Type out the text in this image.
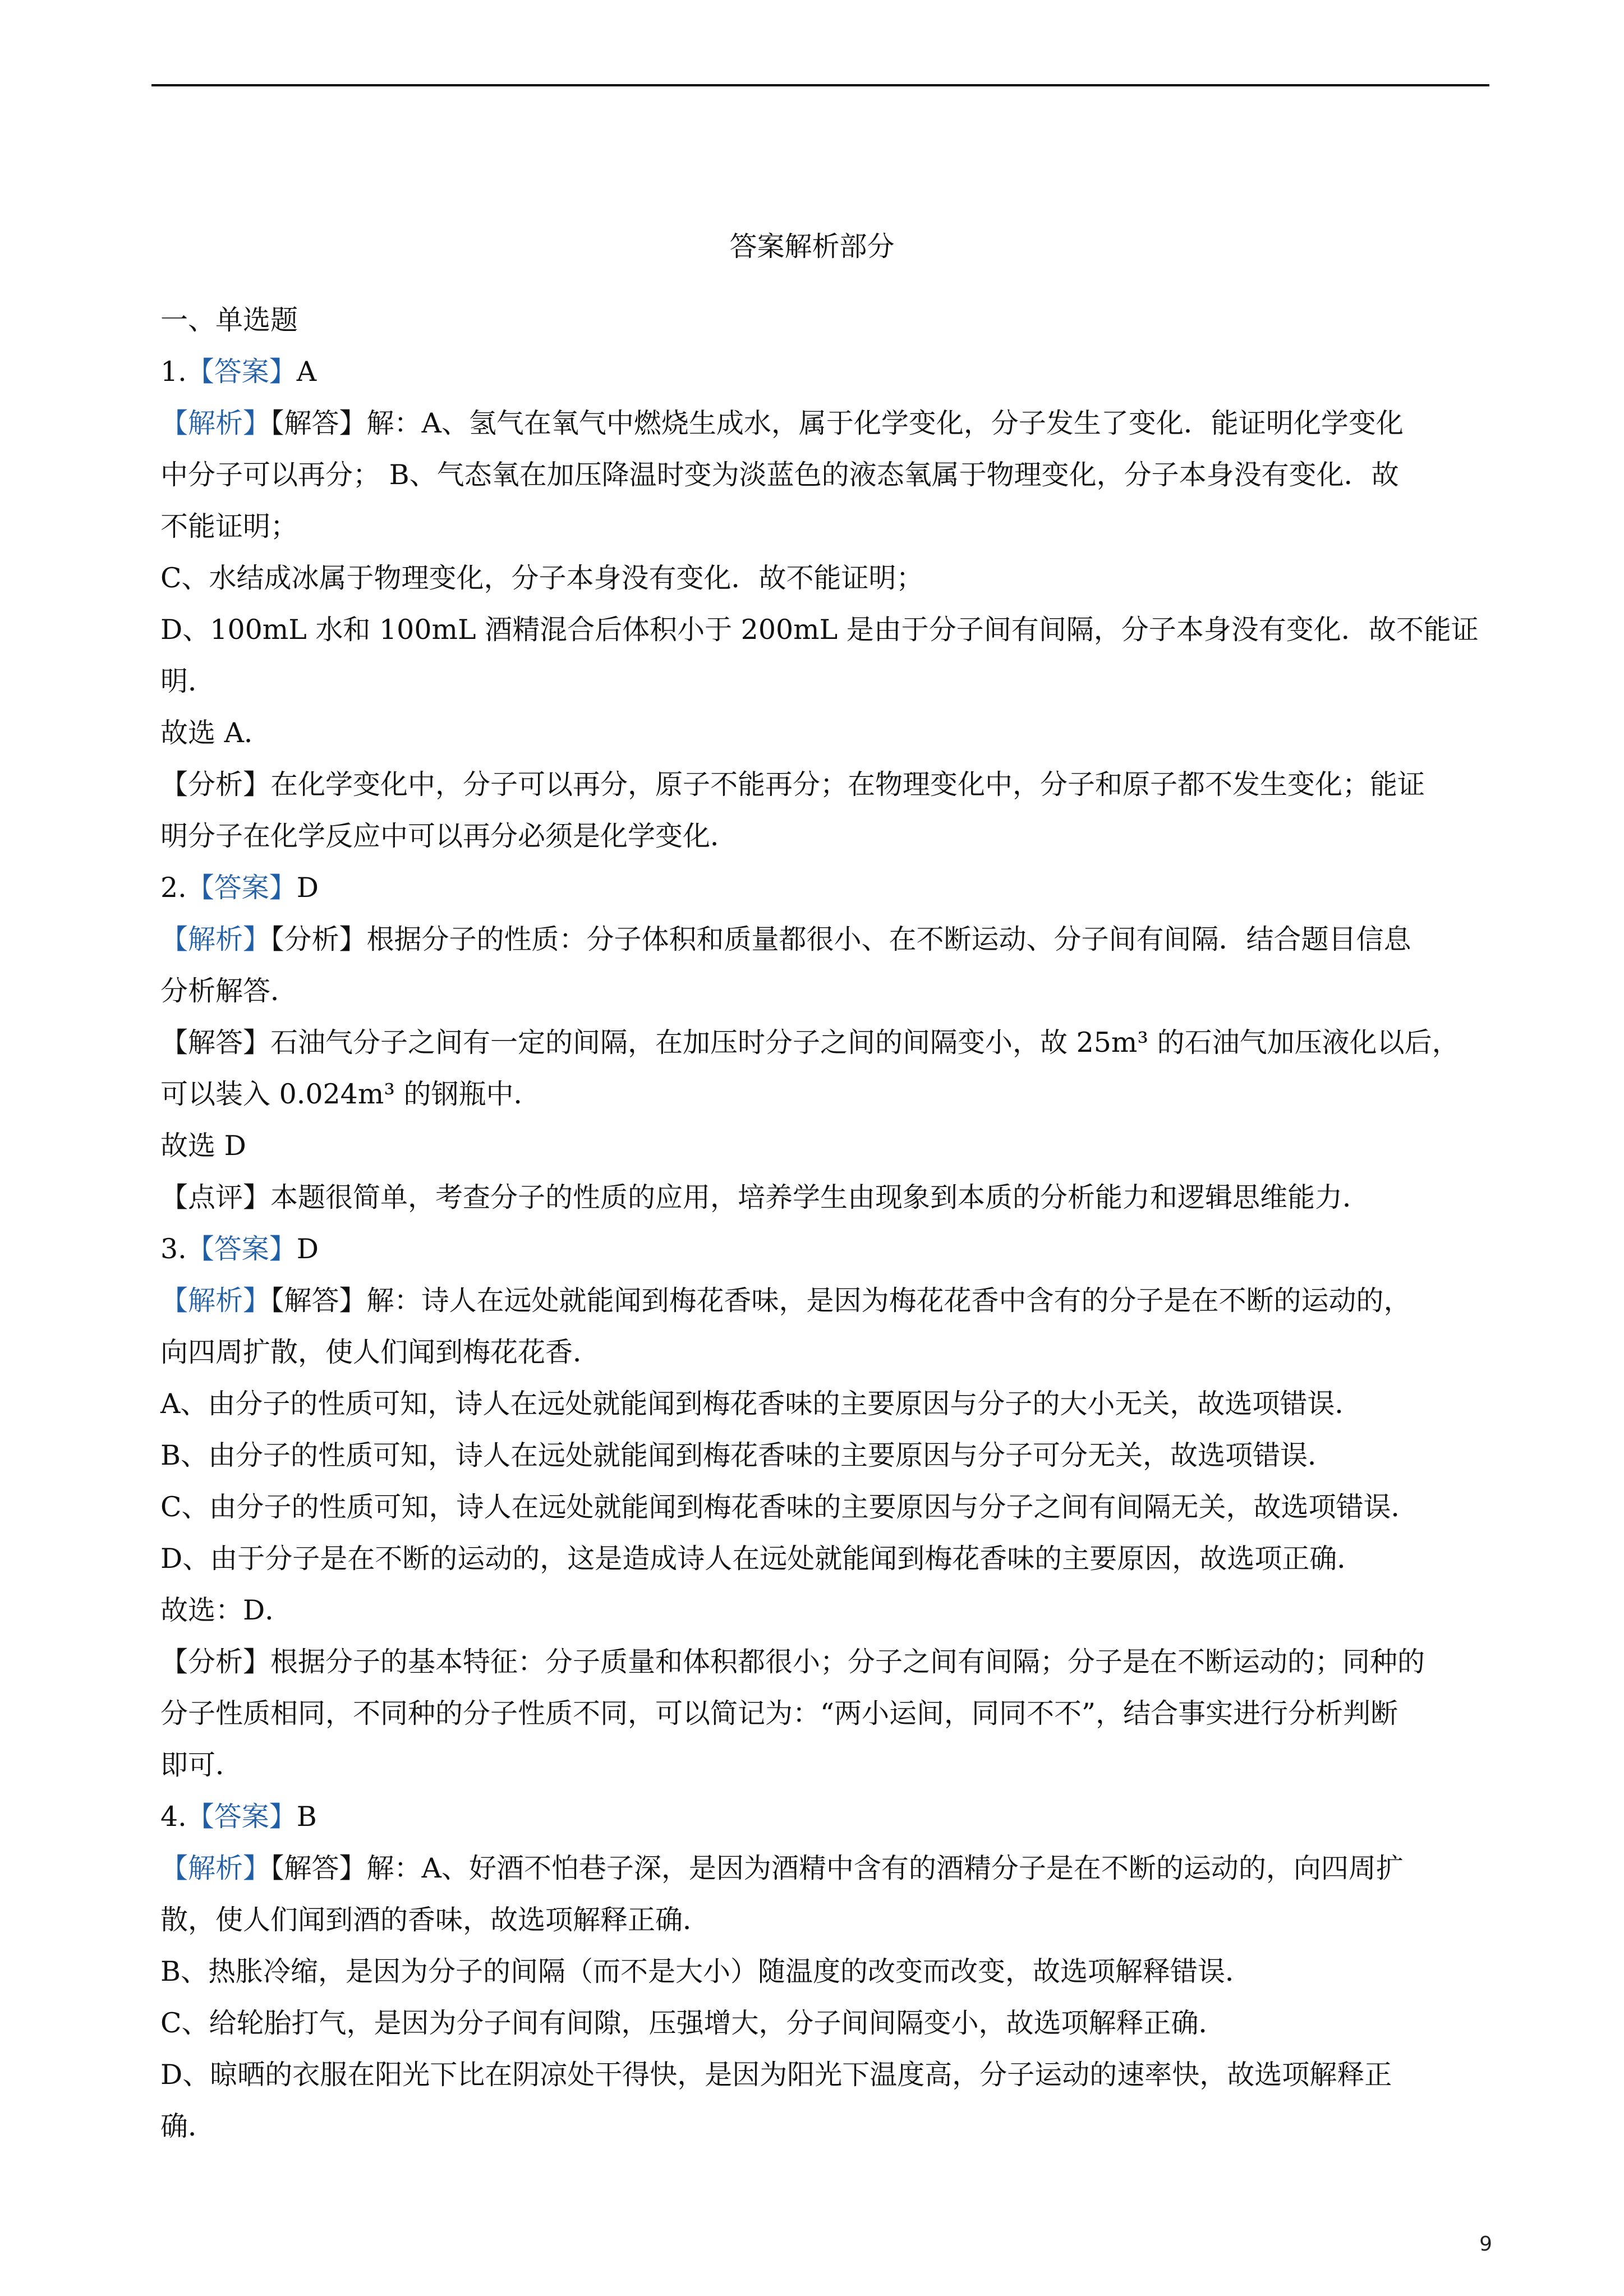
答案解析部分
一、单选题
1.【答案】A
【解析】【解答】解：A、氢气在氧气中燃烧生成水，属于化学变化，分子发生了变化．能证明化学变化
中分子可以再分； B、气态氧在加压降温时变为淡蓝色的液态氧属于物理变化，分子本身没有变化．故
不能证明；
C、水结成冰属于物理变化，分子本身没有变化．故不能证明；
D、100mL 水和 100mL 酒精混合后体积小于 200mL 是由于分子间有间隔，分子本身没有变化．故不能证
明．
故选 A．
【分析】在化学变化中，分子可以再分，原子不能再分；在物理变化中，分子和原子都不发生变化；能证
明分子在化学反应中可以再分必须是化学变化．
2.【答案】D
【解析】【分析】根据分子的性质：分子体积和质量都很小、在不断运动、分子间有间隔．结合题目信息
分析解答．
【解答】石油气分子之间有一定的间隔，在加压时分子之间的间隔变小，故 25m³ 的石油气加压液化以后，
可以装入 0.024m³ 的钢瓶中．
故选 D
【点评】本题很简单，考查分子的性质的应用，培养学生由现象到本质的分析能力和逻辑思维能力．
3.【答案】D
【解析】【解答】解：诗人在远处就能闻到梅花香味，是因为梅花花香中含有的分子是在不断的运动的，
向四周扩散，使人们闻到梅花花香．
A、由分子的性质可知，诗人在远处就能闻到梅花香味的主要原因与分子的大小无关，故选项错误．
B、由分子的性质可知，诗人在远处就能闻到梅花香味的主要原因与分子可分无关，故选项错误．
C、由分子的性质可知，诗人在远处就能闻到梅花香味的主要原因与分子之间有间隔无关，故选项错误．
D、由于分子是在不断的运动的，这是造成诗人在远处就能闻到梅花香味的主要原因，故选项正确．
故选：D．
【分析】根据分子的基本特征：分子质量和体积都很小；分子之间有间隔；分子是在不断运动的；同种的
分子性质相同，不同种的分子性质不同，可以简记为：“两小运间，同同不不”，结合事实进行分析判断
即可．
4.【答案】B
【解析】【解答】解：A、好酒不怕巷子深，是因为酒精中含有的酒精分子是在不断的运动的，向四周扩
散，使人们闻到酒的香味，故选项解释正确．
B、热胀冷缩，是因为分子的间隔（而不是大小）随温度的改变而改变，故选项解释错误．
C、给轮胎打气，是因为分子间有间隙，压强增大，分子间间隔变小，故选项解释正确．
D、晾晒的衣服在阳光下比在阴凉处干得快，是因为阳光下温度高，分子运动的速率快，故选项解释正
确．
9
